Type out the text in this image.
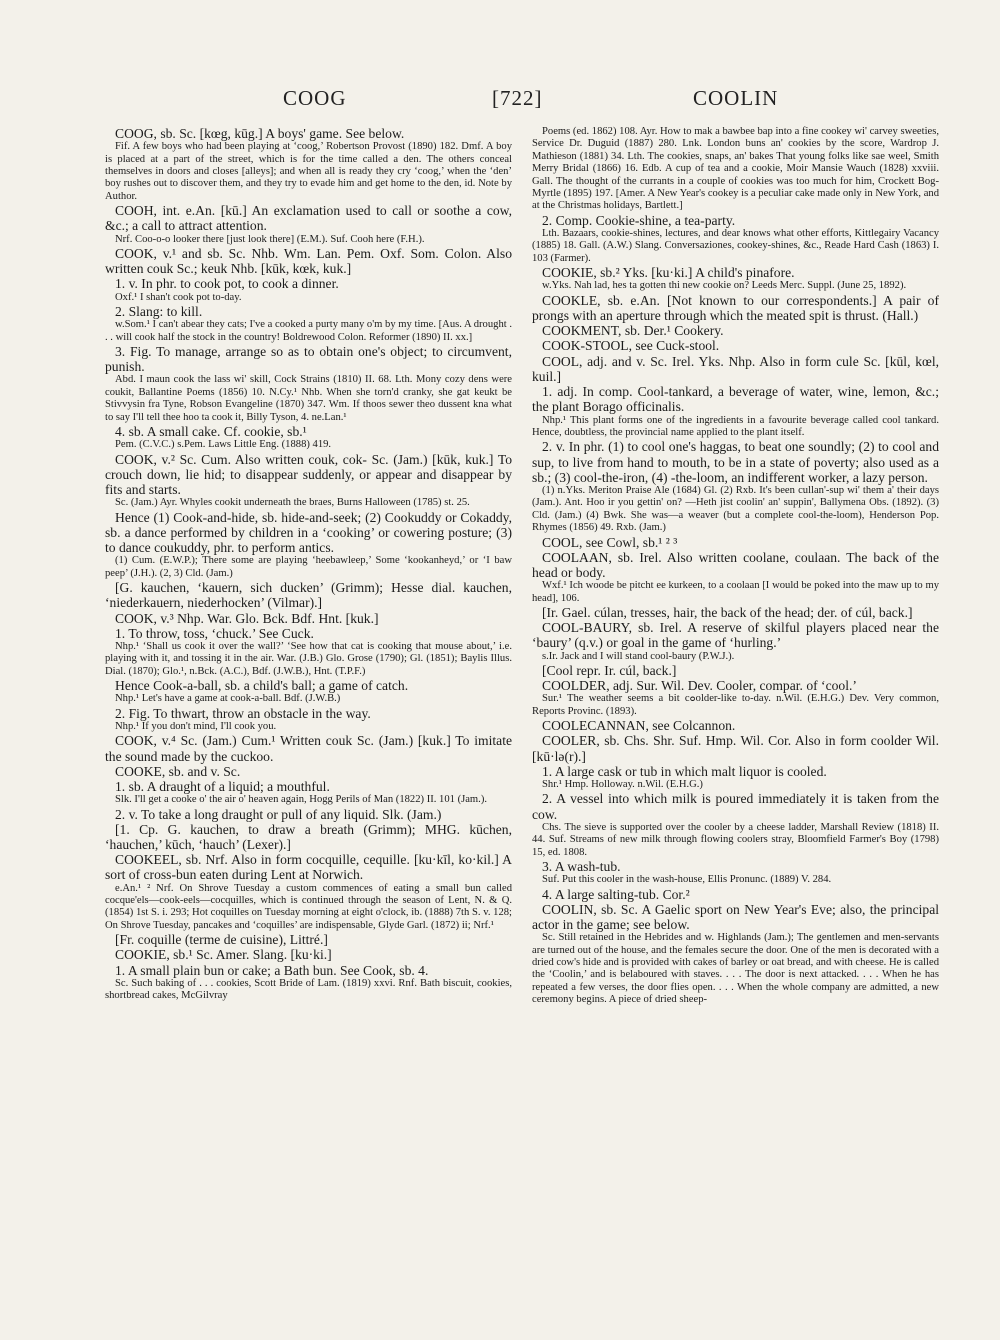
COOG	[722]	COOLIN

COOG, sb. Sc. [kœg, kūg.] A boys' game. See below.

Fif. A few boys who had been playing at ‘coog,’ Robertson Provost (1890) 182. Dmf. A boy is placed at a part of the street, which is for the time called a den. The others conceal themselves in doors and closes [alleys]; and when all is ready they cry ‘coog,’ when the ‘den’ boy rushes out to discover them, and they try to evade him and get home to the den, id. Note by Author.

COOH, int. e.An. [kū.] An exclamation used to call or soothe a cow, &c.; a call to attract attention.

Nrf. Coo-o-o looker there [just look there] (E.M.). Suf. Cooh here (F.H.).

COOK, v.¹ and sb. Sc. Nhb. Wm. Lan. Pem. Oxf. Som. Colon. Also written couk Sc.; keuk Nhb. [kūk, kœk, kuk.]

1. v. In phr. to cook pot, to cook a dinner.

Oxf.¹ I shan't cook pot to-day.

2. Slang: to kill.

w.Som.¹ I can't abear they cats; I've a cooked a purty many o'm by my time. [Aus. A drought . . . will cook half the stock in the country! Boldrewood Colon. Reformer (1890) II. xx.]

3. Fig. To manage, arrange so as to obtain one's object; to circumvent, punish.

Abd. I maun cook the lass wi' skill, Cock Strains (1810) II. 68. Lth. Mony cozy dens were coukit, Ballantine Poems (1856) 10. N.Cy.¹ Nhb. When she torn'd cranky, she gat keukt be Stivvysin fra Tyne, Robson Evangeline (1870) 347. Wm. If thoos sewer theo dussent kna what to say I'll tell thee hoo ta cook it, Billy Tyson, 4. ne.Lan.¹

4. sb. A small cake. Cf. cookie, sb.¹

Pem. (C.V.C.) s.Pem. Laws Little Eng. (1888) 419.

COOK, v.² Sc. Cum. Also written couk, cok- Sc. (Jam.) [kūk, kuk.] To crouch down, lie hid; to disappear suddenly, or appear and disappear by fits and starts.

Sc. (Jam.) Ayr. Whyles cookit underneath the braes, Burns Halloween (1785) st. 25.

Hence (1) Cook-and-hide, sb. hide-and-seek; (2) Cookuddy or Cokaddy, sb. a dance performed by children in a ‘cooking’ or cowering posture; (3) to dance coukuddy, phr. to perform antics.

(1) Cum. (E.W.P.); There some are playing ‘heebawleep,’ Some ‘kookanheyd,’ or ‘I baw peep’ (J.H.). (2, 3) Cld. (Jam.)

[G. kauchen, ‘kauern, sich ducken’ (Grimm); Hesse dial. kauchen, ‘niederkauern, niederhocken’ (Vilmar).]

COOK, v.³ Nhp. War. Glo. Bck. Bdf. Hnt. [kuk.]

1. To throw, toss, ‘chuck.’ See Cuck.

Nhp.¹ ‘Shall us cook it over the wall?’ ‘See how that cat is cooking that mouse about,’ i.e. playing with it, and tossing it in the air. War. (J.B.) Glo. Grose (1790); Gl. (1851); Baylis Illus. Dial. (1870); Glo.¹, n.Bck. (A.C.), Bdf. (J.W.B.), Hnt. (T.P.F.)

Hence Cook-a-ball, sb. a child's ball; a game of catch.

Nhp.¹ Let's have a game at cook-a-ball. Bdf. (J.W.B.)

2. Fig. To thwart, throw an obstacle in the way.

Nhp.¹ If you don't mind, I'll cook you.

COOK, v.⁴ Sc. (Jam.) Cum.¹ Written couk Sc. (Jam.) [kuk.] To imitate the sound made by the cuckoo.

COOKE, sb. and v. Sc.

1. sb. A draught of a liquid; a mouthful.

Slk. I'll get a cooke o' the air o' heaven again, Hogg Perils of Man (1822) II. 101 (Jam.).

2. v. To take a long draught or pull of any liquid. Slk. (Jam.)

[1. Cp. G. kauchen, to draw a breath (Grimm); MHG. kūchen, ‘hauchen,’ kūch, ‘hauch’ (Lexer).]

COOKEEL, sb. Nrf. Also in form cocquille, cequille. [ku·kīl, ko·kil.] A sort of cross-bun eaten during Lent at Norwich.

e.An.¹ ² Nrf. On Shrove Tuesday a custom commences of eating a small bun called cocque'els—cook-eels—cocquilles, which is continued through the season of Lent, N. & Q. (1854) 1st S. i. 293; Hot coquilles on Tuesday morning at eight o'clock, ib. (1888) 7th S. v. 128; On Shrove Tuesday, pancakes and ‘coquilles’ are indispensable, Glyde Garl. (1872) ii; Nrf.¹

[Fr. coquille (terme de cuisine), Littré.]

COOKIE, sb.¹ Sc. Amer. Slang. [ku·ki.]

1. A small plain bun or cake; a Bath bun. See Cook, sb. 4.

Sc. Such baking of . . . cookies, Scott Bride of Lam. (1819) xxvi. Rnf. Bath biscuit, cookies, shortbread cakes, McGilvray

Poems (ed. 1862) 108. Ayr. How to mak a bawbee bap into a fine cookey wi' carvey sweeties, Service Dr. Duguid (1887) 280. Lnk. London buns an' cookies by the score, Wardrop J. Mathieson (1881) 34. Lth. The cookies, snaps, an' bakes That young folks like sae weel, Smith Merry Bridal (1866) 16. Edb. A cup of tea and a cookie, Moir Mansie Wauch (1828) xxviii. Gall. The thought of the currants in a couple of cookies was too much for him, Crockett Bog-Myrtle (1895) 197. [Amer. A New Year's cookey is a peculiar cake made only in New York, and at the Christmas holidays, Bartlett.]

2. Comp. Cookie-shine, a tea-party.

Lth. Bazaars, cookie-shines, lectures, and dear knows what other efforts, Kittlegairy Vacancy (1885) 18. Gall. (A.W.) Slang. Conversaziones, cookey-shines, &c., Reade Hard Cash (1863) I. 103 (Farmer).

COOKIE, sb.² Yks. [ku·ki.] A child's pinafore.

w.Yks. Nah lad, hes ta gotten thi new cookie on? Leeds Merc. Suppl. (June 25, 1892).

COOKLE, sb. e.An. [Not known to our correspondents.] A pair of prongs with an aperture through which the meated spit is thrust. (Hall.)

COOKMENT, sb. Der.¹ Cookery.

COOK-STOOL, see Cuck-stool.

COOL, adj. and v. Sc. Irel. Yks. Nhp. Also in form cule Sc. [kūl, kœl, kuil.]

1. adj. In comp. Cool-tankard, a beverage of water, wine, lemon, &c.; the plant Borago officinalis.

Nhp.¹ This plant forms one of the ingredients in a favourite beverage called cool tankard. Hence, doubtless, the provincial name applied to the plant itself.

2. v. In phr. (1) to cool one's haggas, to beat one soundly; (2) to cool and sup, to live from hand to mouth, to be in a state of poverty; also used as a sb.; (3) cool-the-iron, (4) -the-loom, an indifferent worker, a lazy person.

(1) n.Yks. Meriton Praise Ale (1684) Gl. (2) Rxb. It's been cullan'-sup wi' them a' their days (Jam.). Ant. Hoo ir you gettin' on? —Heth jist coolin' an' suppin', Ballymena Obs. (1892). (3) Cld. (Jam.) (4) Bwk. She was—a weaver (but a complete cool-the-loom), Henderson Pop. Rhymes (1856) 49. Rxb. (Jam.)

COOL, see Cowl, sb.¹ ² ³

COOLAAN, sb. Irel. Also written coolane, coulaan. The back of the head or body.

Wxf.¹ Ich woode be pitcht ee kurkeen, to a coolaan [I would be poked into the maw up to my head], 106.

[Ir. Gael. cúlan, tresses, hair, the back of the head; der. of cúl, back.]

COOL-BAURY, sb. Irel. A reserve of skilful players placed near the ‘baury’ (q.v.) or goal in the game of ‘hurling.’

s.Ir. Jack and I will stand cool-baury (P.W.J.).

[Cool repr. Ir. cúl, back.]

COOLDER, adj. Sur. Wil. Dev. Cooler, compar. of ‘cool.’

Sur.¹ The weather seems a bit cߋolder-like to-day. n.Wil. (E.H.G.) Dev. Very common, Reports Provinc. (1893).

COOLECANNAN, see Colcannon.

COOLER, sb. Chs. Shr. Suf. Hmp. Wil. Cor. Also in form coolder Wil. [kū·lə(r).]

1. A large cask or tub in which malt liquor is cooled.

Shr.¹ Hmp. Holloway. n.Wil. (E.H.G.)

2. A vessel into which milk is poured immediately it is taken from the cow.

Chs. The sieve is supported over the cooler by a cheese ladder, Marshall Review (1818) II. 44. Suf. Streams of new milk through flowing coolers stray, Bloomfield Farmer's Boy (1798) 15, ed. 1808.

3. A wash-tub.

Suf. Put this cooler in the wash-house, Ellis Pronunc. (1889) V. 284.

4. A large salting-tub. Cor.²

COOLIN, sb. Sc. A Gaelic sport on New Year's Eve; also, the principal actor in the game; see below.

Sc. Still retained in the Hebrides and w. Highlands (Jam.); The gentlemen and men-servants are turned out of the house, and the females secure the door. One of the men is decorated with a dried cow's hide and is provided with cakes of barley or oat bread, and with cheese. He is called the ‘Coolin,’ and is belaboured with staves. . . . The door is next attacked. . . . When he has repeated a few verses, the door flies open. . . . When the whole company are admitted, a new ceremony begins. A piece of dried sheep-
